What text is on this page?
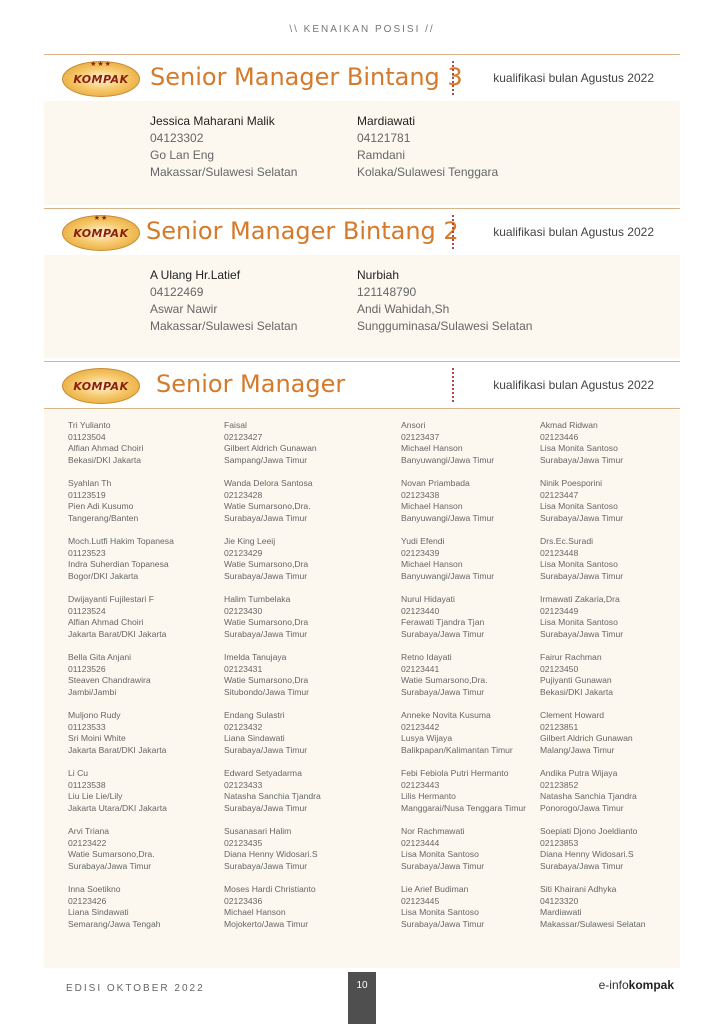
\\ KENAIKAN POSISI //
★★★
KOMPAK Senior Manager Bintang 3	kualifikasi bulan Agustus 2022
Jessica Maharani Malik
04123302
Go Lan Eng
Makassar/Sulawesi Selatan
Mardiawati
04121781
Ramdani
Kolaka/Sulawesi Tenggara
★★
KOMPAK Senior Manager Bintang 2	kualifikasi bulan Agustus 2022
A Ulang Hr.Latief
04122469
Aswar Nawir
Makassar/Sulawesi Selatan
Nurbiah
121148790
Andi Wahidah,Sh
Sungguminasa/Sulawesi Selatan
KOMPAK Senior Manager	kualifikasi bulan Agustus 2022
Tri Yulianto
01123504
Alfian Ahmad Choiri
Bekasi/DKI Jakarta
Syahlan Th
01123519
Pien Adi Kusumo
Tangerang/Banten
Moch.Lutfi Hakim Topanesa
01123523
Indra Suherdian Topanesa
Bogor/DKI Jakarta
Dwijayanti Fujilestari F
01123524
Alfian Ahmad Choiri
Jakarta Barat/DKI Jakarta
Bella Gita Anjani
01123526
Steaven Chandrawira
Jambi/Jambi
Muljono Rudy
01123533
Sri Moini White
Jakarta Barat/DKI Jakarta
Li Cu
01123538
Liu Lie Lie/Lily
Jakarta Utara/DKI Jakarta
Arvi Triana
02123422
Watie Sumarsono,Dra.
Surabaya/Jawa Timur
Inna Soetikno
02123426
Liana Sindawati
Semarang/Jawa Tengah
Faisal
02123427
Gilbert Aldrich Gunawan
Sampang/Jawa Timur
Wanda Delora Santosa
02123428
Watie Sumarsono,Dra.
Surabaya/Jawa Timur
Jie King Leeij
02123429
Watie Sumarsono,Dra
Surabaya/Jawa Timur
Halim Tumbelaka
02123430
Watie Sumarsono,Dra
Surabaya/Jawa Timur
Imelda Tanujaya
02123431
Watie Sumarsono,Dra
Situbondo/Jawa Timur
Endang Sulastri
02123432
Liana Sindawati
Surabaya/Jawa Timur
Edward Setyadarma
02123433
Natasha Sanchia Tjandra
Surabaya/Jawa Timur
Susanasari Halim
02123435
Diana Henny Widosari.S
Surabaya/Jawa Timur
Moses Hardi Christianto
02123436
Michael Hanson
Mojokerto/Jawa Timur
Ansori
02123437
Michael Hanson
Banyuwangi/Jawa Timur
Novan Priambada
02123438
Michael Hanson
Banyuwangi/Jawa Timur
Yudi Efendi
02123439
Michael Hanson
Banyuwangi/Jawa Timur
Nurul Hidayati
02123440
Ferawati Tjandra Tjan
Surabaya/Jawa Timur
Retno Idayati
02123441
Watie Sumarsono,Dra.
Surabaya/Jawa Timur
Anneke Novita Kusuma
02123442
Lusya Wijaya
Balikpapan/Kalimantan Timur
Febi Febiola Putri Hermanto
02123443
Lilis Hermanto
Manggarai/Nusa Tenggara Timur
Nor Rachmawati
02123444
Lisa Monita Santoso
Surabaya/Jawa Timur
Lie Arief Budiman
02123445
Lisa Monita Santoso
Surabaya/Jawa Timur
Akmad Ridwan
02123446
Lisa Monita Santoso
Surabaya/Jawa Timur
Ninik Poesporini
02123447
Lisa Monita Santoso
Surabaya/Jawa Timur
Drs.Ec.Suradi
02123448
Lisa Monita Santoso
Surabaya/Jawa Timur
Irmawati Zakaria,Dra
02123449
Lisa Monita Santoso
Surabaya/Jawa Timur
Fairur Rachman
02123450
Pujiyanti Gunawan
Bekasi/DKI Jakarta
Clement Howard
02123851
Gilbert Aldrich Gunawan
Malang/Jawa Timur
Andika Putra Wijaya
02123852
Natasha Sanchia Tjandra
Ponorogo/Jawa Timur
Soepiati Djono Joeldianto
02123853
Diana Henny Widosari.S
Surabaya/Jawa Timur
Siti Khairani Adhyka
04123320
Mardiawati
Makassar/Sulawesi Selatan
EDISI OKTOBER 2022	10	e-infokompak
